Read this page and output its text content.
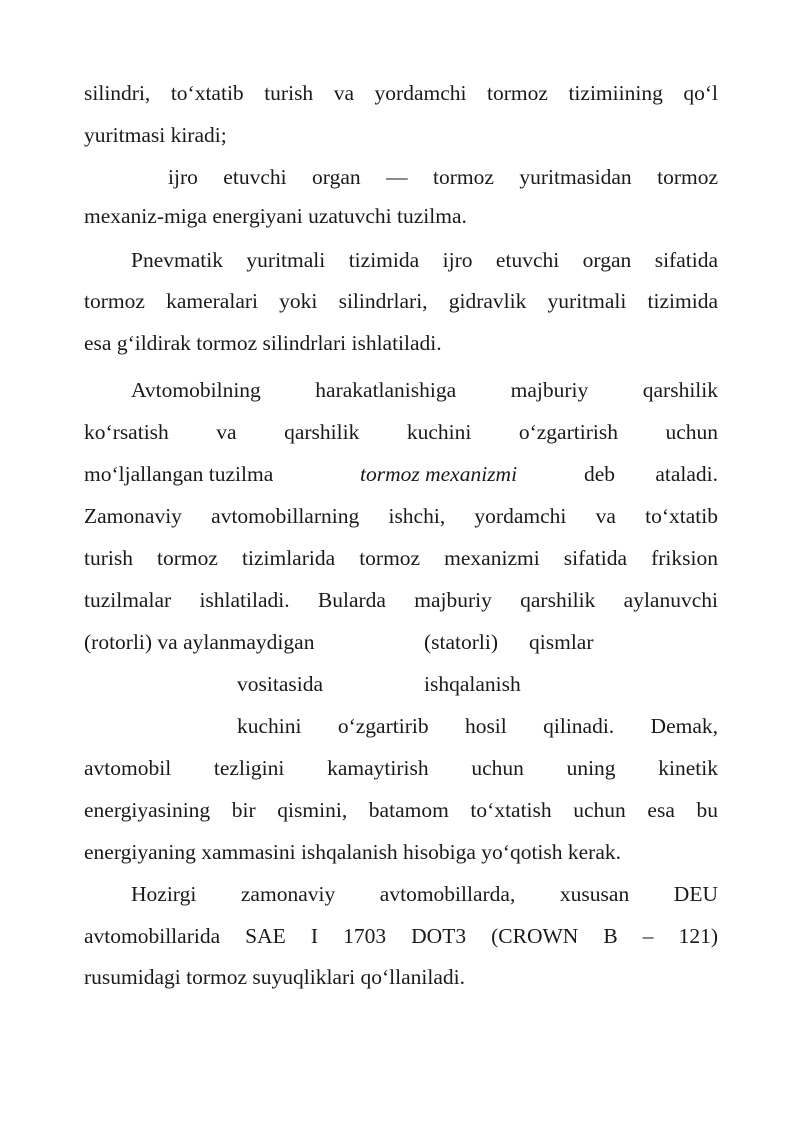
silindri, to‘xtatib turish va yordamchi tormoz tizimiining qo‘l
yuritmasi kiradi;
ijro etuvchi organ — tormoz yuritmasidan tormoz
mexaniz-miga energiyani uzatuvchi tuzilma.
Pnevmatik yuritmali tizimida ijro etuvchi organ sifatida
tormoz kameralari yoki silindrlari, gidravlik yuritmali tizimida
esa g‘ildirak tormoz silindrlari ishlatiladi.
Avtomobilning harakatlanishiga majburiy qarshilik
ko‘rsatish va qarshilik kuchini o‘zgartirish uchun
mo‘ljallangan tuzilma	tormoz mexanizmi	deb ataladi.
Zamonaviy avtomobillarning ishchi, yordamchi va to‘xtatib
turish tormoz tizimlarida tormoz mexanizmi sifatida friksion
tuzilmalar ishlatiladi. Bularda majburiy qarshilik aylanuvchi
(rotorli) va aylanmaydigan	(statorli) qismlar
vositasida	ishqalanish
kuchini o‘zgartirib hosil qilinadi. Demak,
avtomobil tezligini kamaytirish uchun uning kinetik
energiyasining bir qismini, batamom to‘xtatish uchun esa bu
energiyaning xammasini ishqalanish hisobiga yo‘qotish kerak.
Hozirgi zamonaviy avtomobillarda, xususan DEU
avtomobillarida SAE I 1703 DOT3 (CROWN B – 121)
rusumidagi tormoz suyuqliklari qo‘llaniladi.
